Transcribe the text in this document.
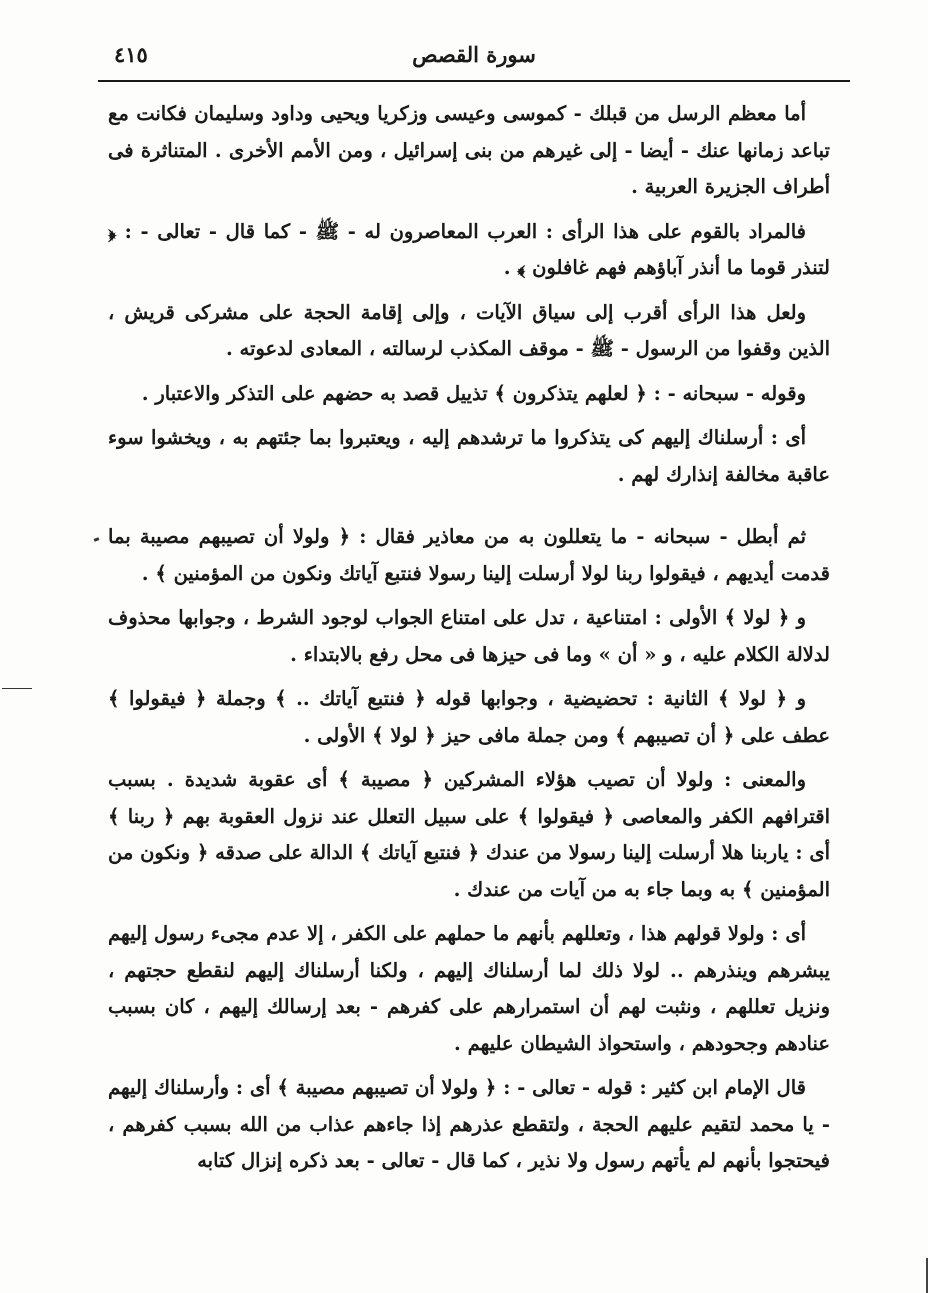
سورة القصص
٤١٥

أما معظم الرسل من قبلك - كموسى وعيسى وزكريا ويحيى وداود وسليمان فكانت مع تباعد زمانها عنك - أيضا - إلى غيرهم من بنى إسرائيل ، ومن الأمم الأخرى . المتناثرة فى أطراف الجزيرة العربية .

فالمراد بالقوم على هذا الرأى : العرب المعاصرون له - ﷺ - كما قال - تعالى - : ﴿ لتنذر قوما ما أنذر آباؤهم فهم غافلون ﴾ .

ولعل هذا الرأى أقرب إلى سياق الآيات ، وإلى إقامة الحجة على مشركى قريش ، الذين وقفوا من الرسول - ﷺ - موقف المكذب لرسالته ، المعادى لدعوته .

وقوله - سبحانه - : ﴿ لعلهم يتذكرون ﴾ تذييل قصد به حضهم على التذكر والاعتبار .

أى : أرسلناك إليهم كى يتذكروا ما ترشدهم إليه ، ويعتبروا بما جئتهم به ، ويخشوا سوء عاقبة مخالفة إنذارك لهم .

ثم أبطل - سبحانه - ما يتعللون به من معاذير فقال : ﴿ ولولا أن تصيبهم مصيبة بما قدمت أيديهم ، فيقولوا ربنا لولا أرسلت إلينا رسولا فنتبع آياتك ونكون من المؤمنين ﴾ .

و ﴿ لولا ﴾ الأولى : امتناعية ، تدل على امتناع الجواب لوجود الشرط ، وجوابها محذوف لدلالة الكلام عليه ، و « أن » وما فى حيزها فى محل رفع بالابتداء .

و ﴿ لولا ﴾ الثانية : تحضيضية ، وجوابها قوله ﴿ فنتبع آياتك .. ﴾ وجملة ﴿ فيقولوا ﴾ عطف على ﴿ أن تصيبهم ﴾ ومن جملة مافى حيز ﴿ لولا ﴾ الأولى .

والمعنى : ولولا أن تصيب هؤلاء المشركين ﴿ مصيبة ﴾ أى عقوبة شديدة . بسبب اقترافهم الكفر والمعاصى ﴿ فيقولوا ﴾ على سبيل التعلل عند نزول العقوبة بهم ﴿ ربنا ﴾ أى : ياربنا هلا أرسلت إلينا رسولا من عندك ﴿ فنتبع آياتك ﴾ الدالة على صدقه ﴿ ونكون من المؤمنين ﴾ به وبما جاء به من آيات من عندك .

أى : ولولا قولهم هذا ، وتعللهم بأنهم ما حملهم على الكفر ، إلا عدم مجىء رسول إليهم يبشرهم وينذرهم .. لولا ذلك لما أرسلناك إليهم ، ولكنا أرسلناك إليهم لنقطع حجتهم ، ونزيل تعللهم ، ونثبت لهم أن استمرارهم على كفرهم - بعد إرسالك إليهم ، كان بسبب عنادهم وجحودهم ، واستحواذ الشيطان عليهم .

قال الإمام ابن كثير : قوله - تعالى - : ﴿ ولولا أن تصيبهم مصيبة ﴾ أى : وأرسلناك إليهم - يا محمد لتقيم عليهم الحجة ، ولتقطع عذرهم إذا جاءهم عذاب من الله بسبب كفرهم ، فيحتجوا بأنهم لم يأتهم رسول ولا نذير ، كما قال - تعالى - بعد ذكره إنزال كتابه
